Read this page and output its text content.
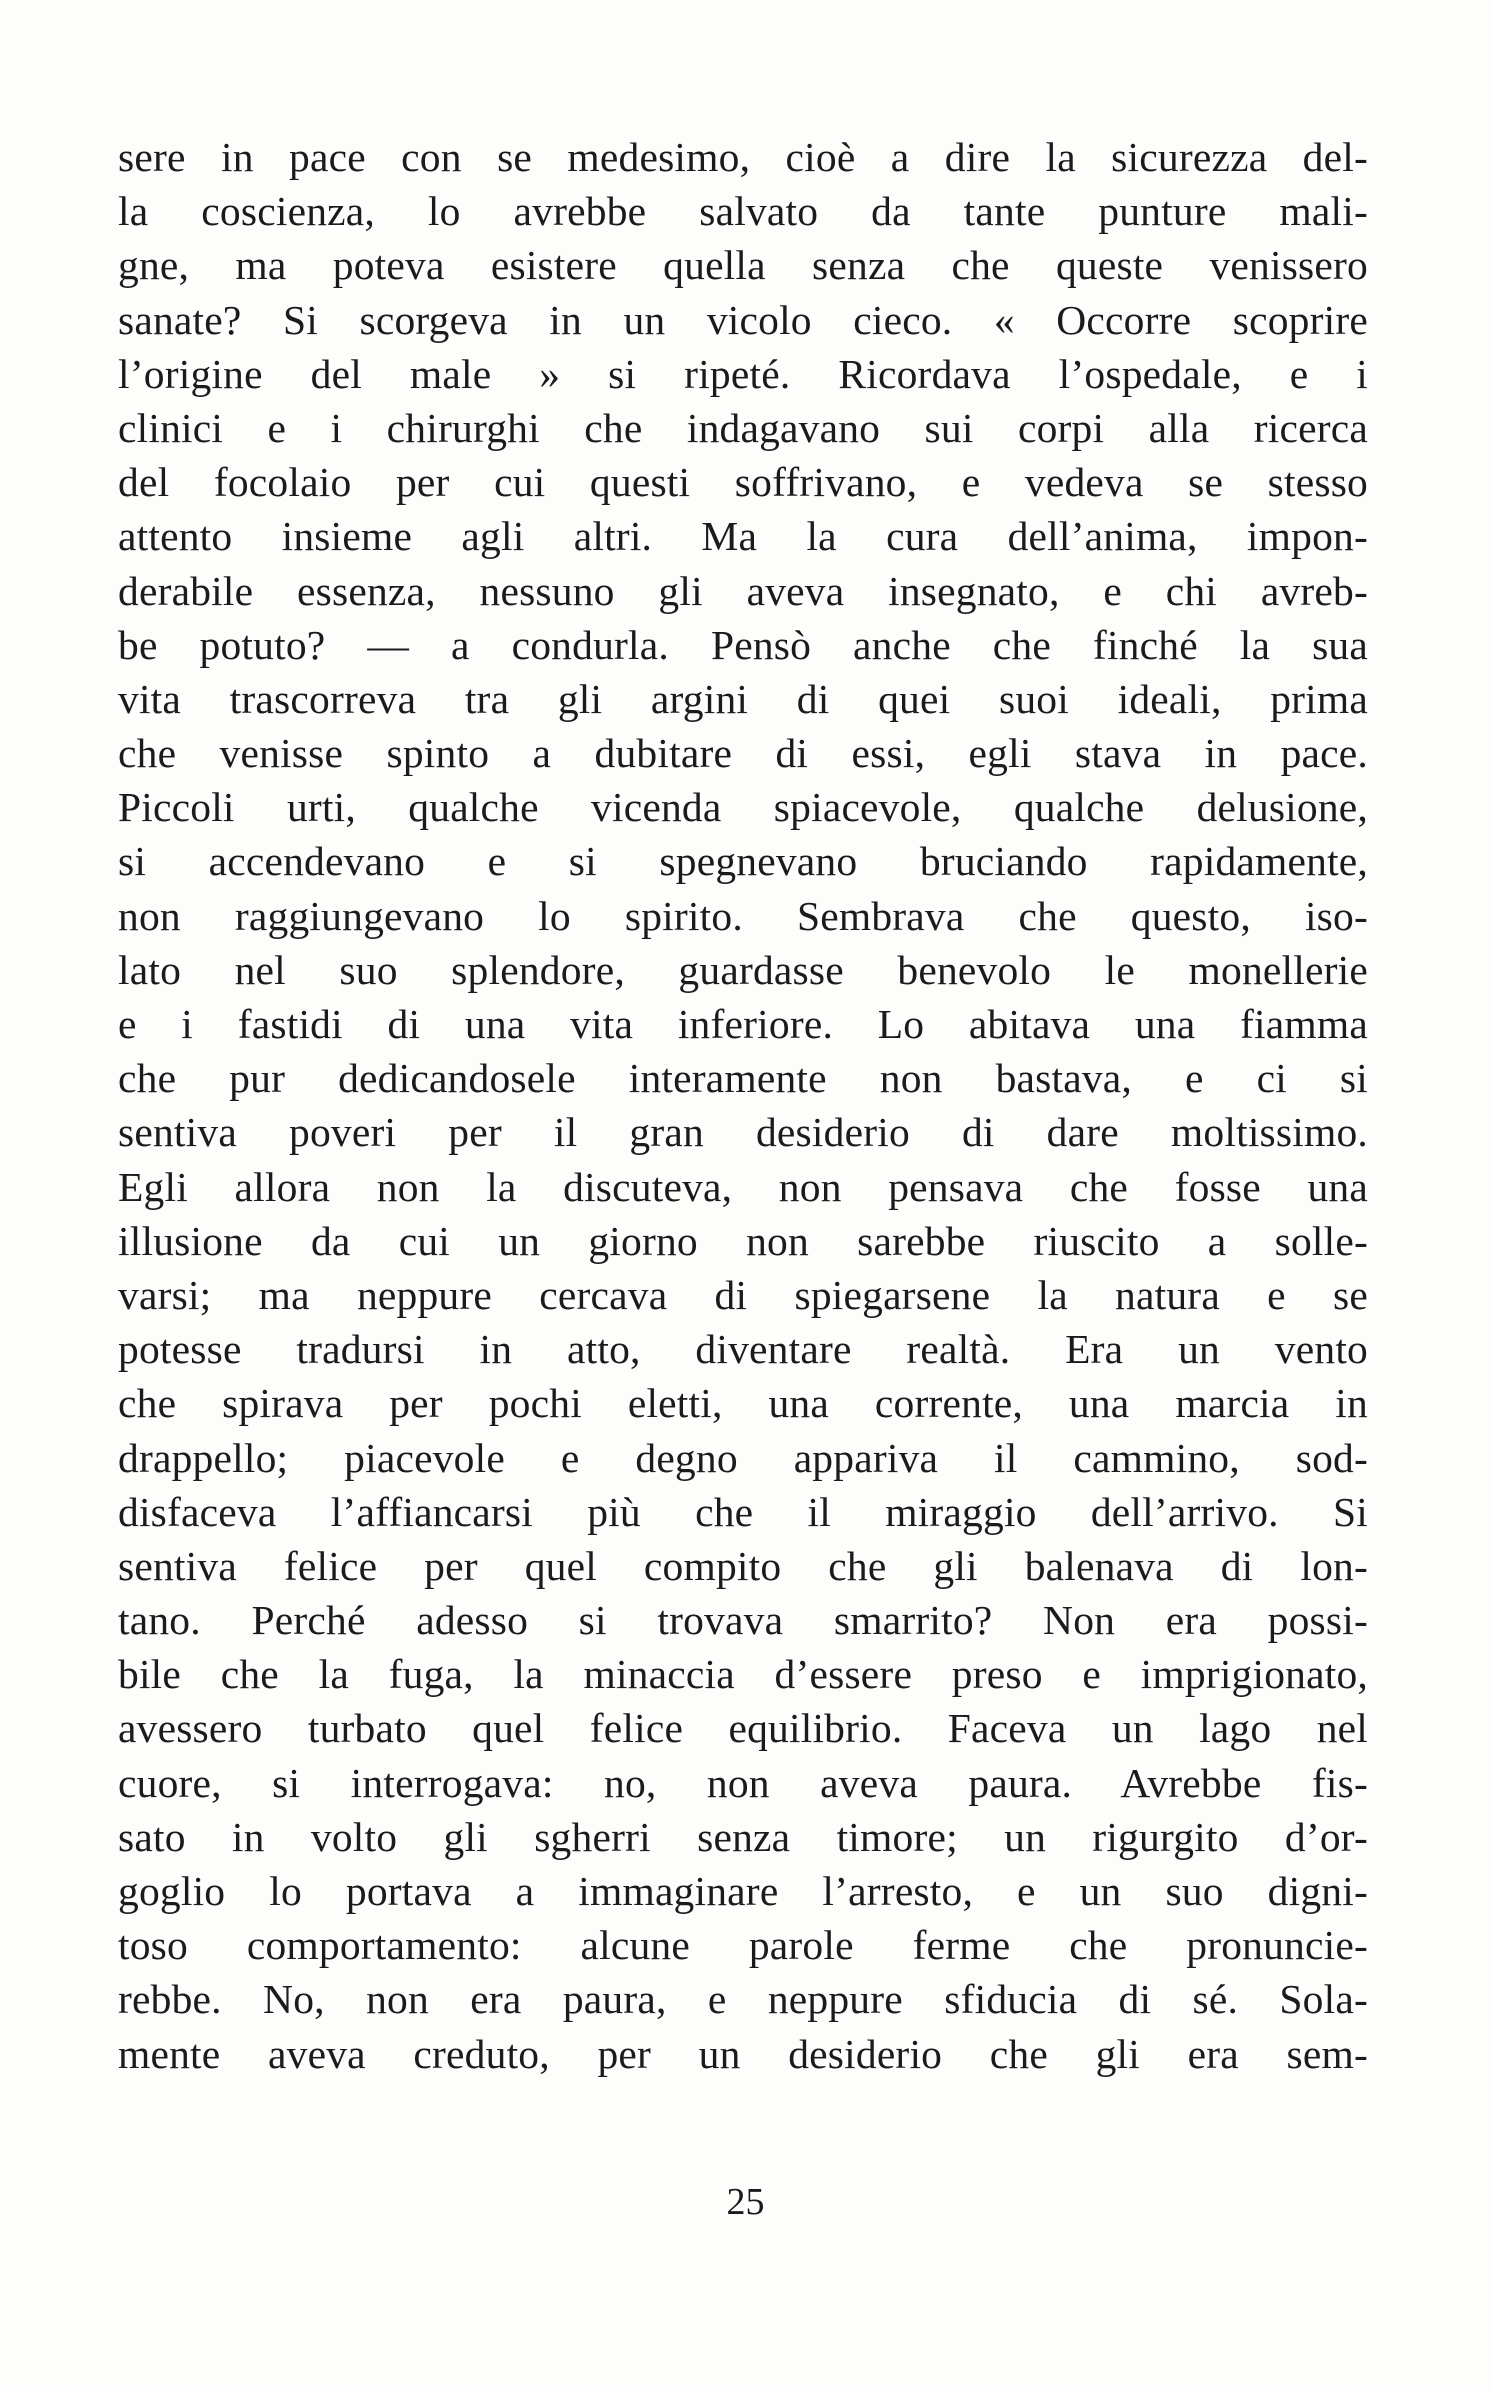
sere in pace con se medesimo, cioè a dire la sicurezza del-
la coscienza, lo avrebbe salvato da tante punture mali-
gne, ma poteva esistere quella senza che queste venissero
sanate? Si scorgeva in un vicolo cieco. « Occorre scoprire
l’origine del male » si ripeté. Ricordava l’ospedale, e i
clinici e i chirurghi che indagavano sui corpi alla ricerca
del focolaio per cui questi soffrivano, e vedeva se stesso
attento insieme agli altri. Ma la cura dell’anima, impon-
derabile essenza, nessuno gli aveva insegnato, e chi avreb-
be potuto? — a condurla. Pensò anche che finché la sua
vita trascorreva tra gli argini di quei suoi ideali, prima
che venisse spinto a dubitare di essi, egli stava in pace.
Piccoli urti, qualche vicenda spiacevole, qualche delusione,
si accendevano e si spegnevano bruciando rapidamente,
non raggiungevano lo spirito. Sembrava che questo, iso-
lato nel suo splendore, guardasse benevolo le monellerie
e i fastidi di una vita inferiore. Lo abitava una fiamma
che pur dedicandosele interamente non bastava, e ci si
sentiva poveri per il gran desiderio di dare moltissimo.
Egli allora non la discuteva, non pensava che fosse una
illusione da cui un giorno non sarebbe riuscito a solle-
varsi; ma neppure cercava di spiegarsene la natura e se
potesse tradursi in atto, diventare realtà. Era un vento
che spirava per pochi eletti, una corrente, una marcia in
drappello; piacevole e degno appariva il cammino, sod-
disfaceva l’affiancarsi più che il miraggio dell’arrivo. Si
sentiva felice per quel compito che gli balenava di lon-
tano. Perché adesso si trovava smarrito? Non era possi-
bile che la fuga, la minaccia d’essere preso e imprigionato,
avessero turbato quel felice equilibrio. Faceva un lago nel
cuore, si interrogava: no, non aveva paura. Avrebbe fis-
sato in volto gli sgherri senza timore; un rigurgito d’or-
goglio lo portava a immaginare l’arresto, e un suo digni-
toso comportamento: alcune parole ferme che pronuncie-
rebbe. No, non era paura, e neppure sfiducia di sé. Sola-
mente aveva creduto, per un desiderio che gli era sem-
25
